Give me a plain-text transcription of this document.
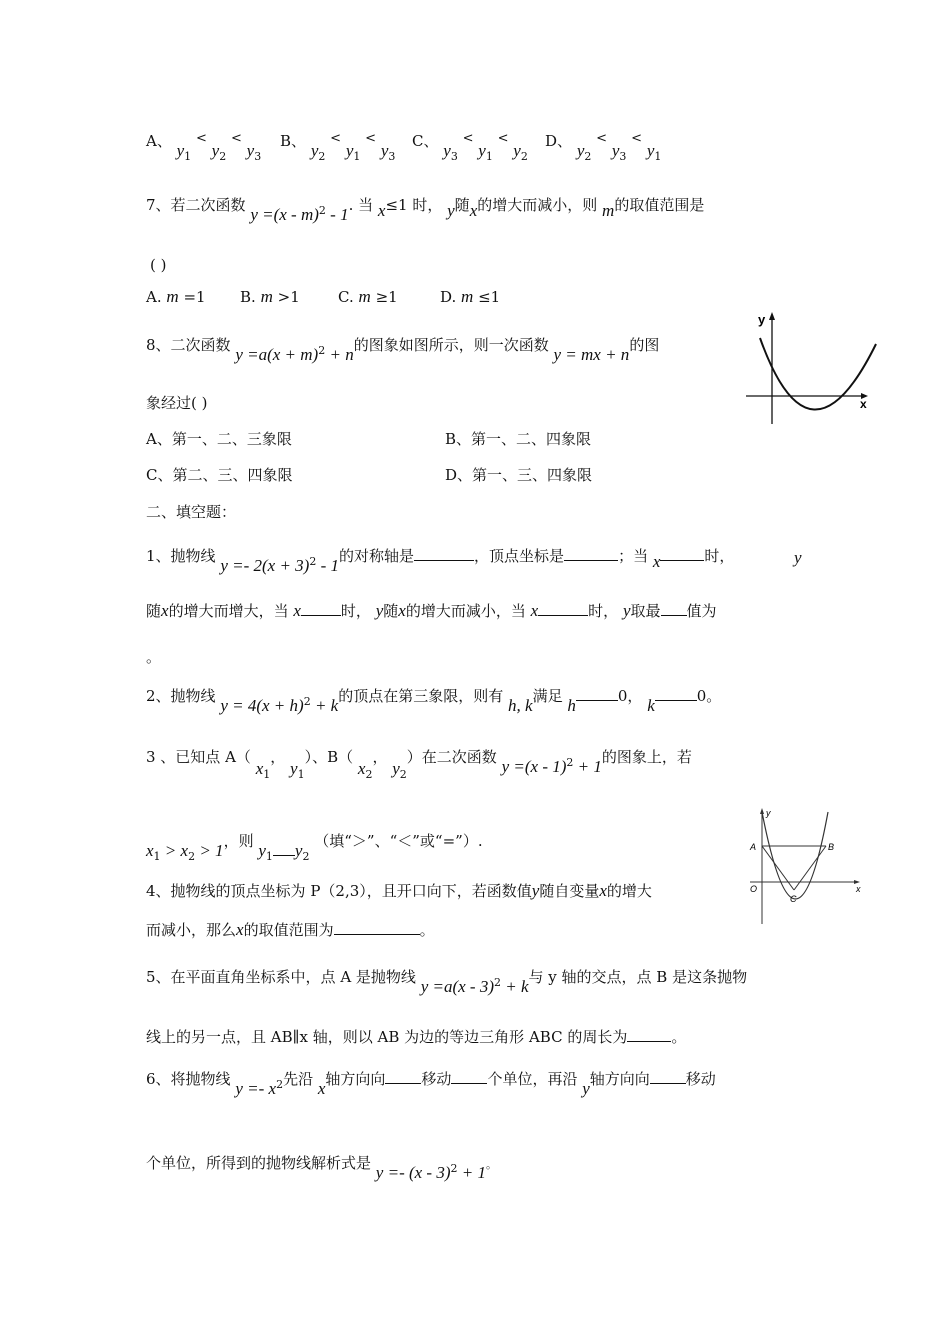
A、 $y_1 < y_2 < y_3$
B、 $y_2 < y_1 < y_3$
C、 $y_3 < y_1 < y_2$
D、 $y_2 < y_3 < y_1$
7、若二次函数 y =(x - m)$^2$ - 1. 当 x≤1 时， y随x的增大而减小，则 m的取值范围是
( )
A. m =1 B. m >1	C. m ≥1	D. m ≤1
8、二次函数 $y =a(x + m)^2 + n$的图象如图所示，则一次函数 y = mx + n的图
象经过( )
y
x
A、第一、二、三象限	B、第一、二、四象限
C、第二、三、四象限	D、第一、三、四象限
二、填空题：
1、抛物线 $y =- 2(x + 3)^2 - 1$的对称轴是	，顶点坐标是	；当 x	时，	y
随x的增大而增大，当 x	时， y随x的增大而减小，当 x	时， y取最 值为
。
2、抛物线 $y = 4(x + h)^2 + k$的顶点在第三象限，则有 h, k满足 h	0， k	0。
3 、已知点 A（ $x_1$， $y_1$）、B（ $x_2$， $y_2$）在二次函数 y =(x - 1)$^2$ + 1的图象上，若
$x_1 > x_2 > 1$，则 $y_1$ $y_2$ （填“＞”、“＜”或“=”）.
y
x
O
A	B
C
4、抛物线的顶点坐标为 P（2,3），且开口向下，若函数值y随自变量x的增大
而减小，那么x的取值范围为	。
5、在平面直角坐标系中，点 A 是抛物线 y =a(x - 3)$^2$ + k与 y 轴的交点，点 B 是这条抛物
线上的另一点，且 AB∥x 轴，则以 AB 为边的等边三角形 ABC 的周长为	。
6、将抛物线 $y =- x^2$先沿 x轴方向向 移动 个单位，再沿 y轴方向向 移动
个单位，所得到的抛物线解析式是 y =- (x - 3)$^2$ + 1。
